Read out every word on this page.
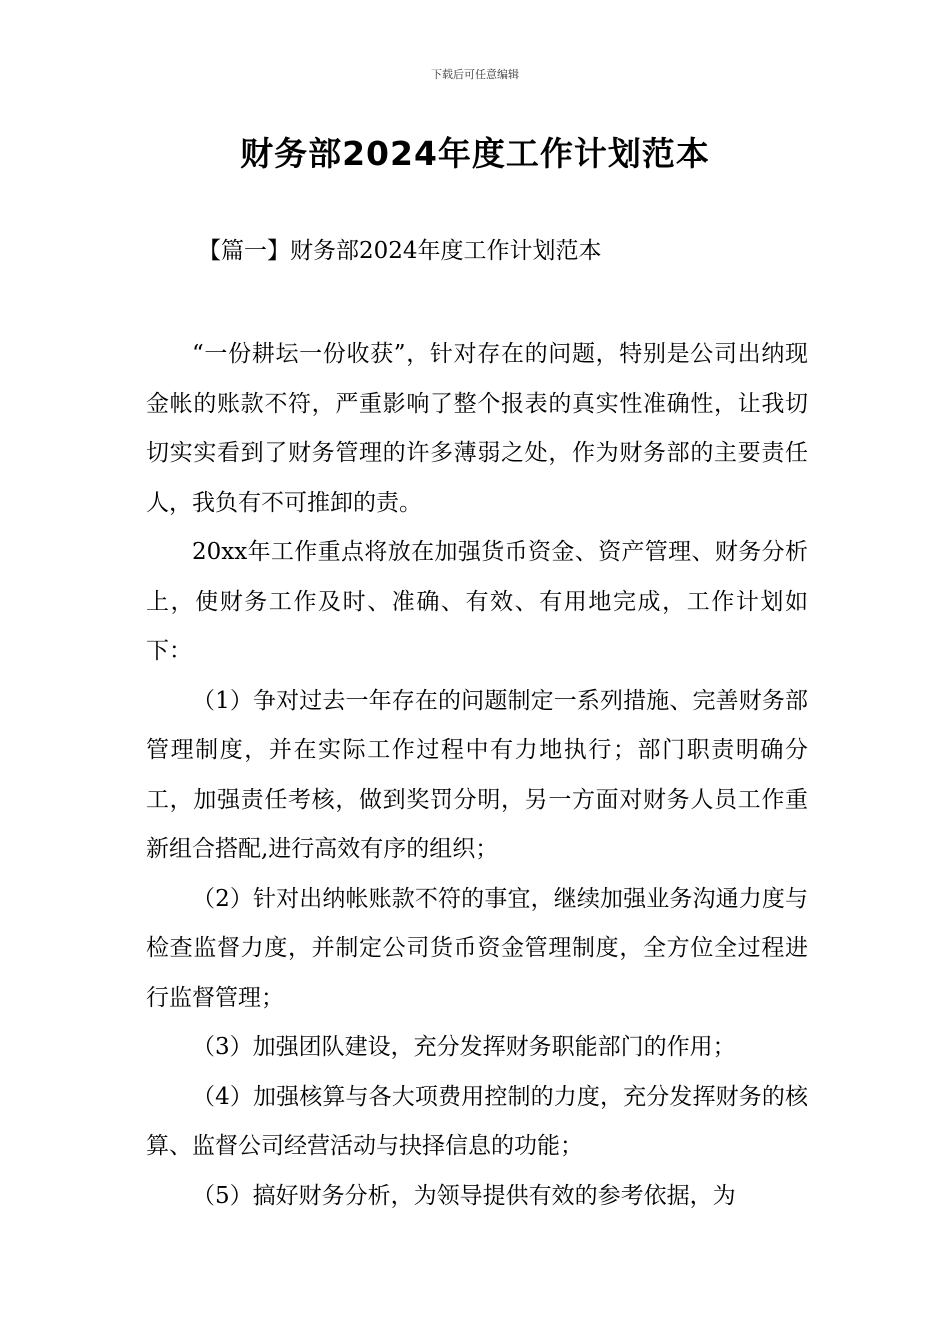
下载后可任意编辑
财务部2024年度工作计划范本
【篇一】财务部2024年度工作计划范本

“一份耕坛一份收获”，针对存在的问题，特别是公司出纳现金帐的账款不符，严重影响了整个报表的真实性准确性，让我切切实实看到了财务管理的许多薄弱之处，作为财务部的主要责任人，我负有不可推卸的责。

20xx年工作重点将放在加强货币资金、资产管理、财务分析上，使财务工作及时、准确、有效、有用地完成，工作计划如下：

（1）争对过去一年存在的问题制定一系列措施、完善财务部管理制度，并在实际工作过程中有力地执行；部门职责明确分工，加强责任考核，做到奖罚分明，另一方面对财务人员工作重新组合搭配,进行高效有序的组织；

（2）针对出纳帐账款不符的事宜，继续加强业务沟通力度与检查监督力度，并制定公司货币资金管理制度，全方位全过程进行监督管理；

（3）加强团队建设，充分发挥财务职能部门的作用；

（4）加强核算与各大项费用控制的力度，充分发挥财务的核算、监督公司经营活动与抉择信息的功能；

（5）搞好财务分析，为领导提供有效的参考依据，为
